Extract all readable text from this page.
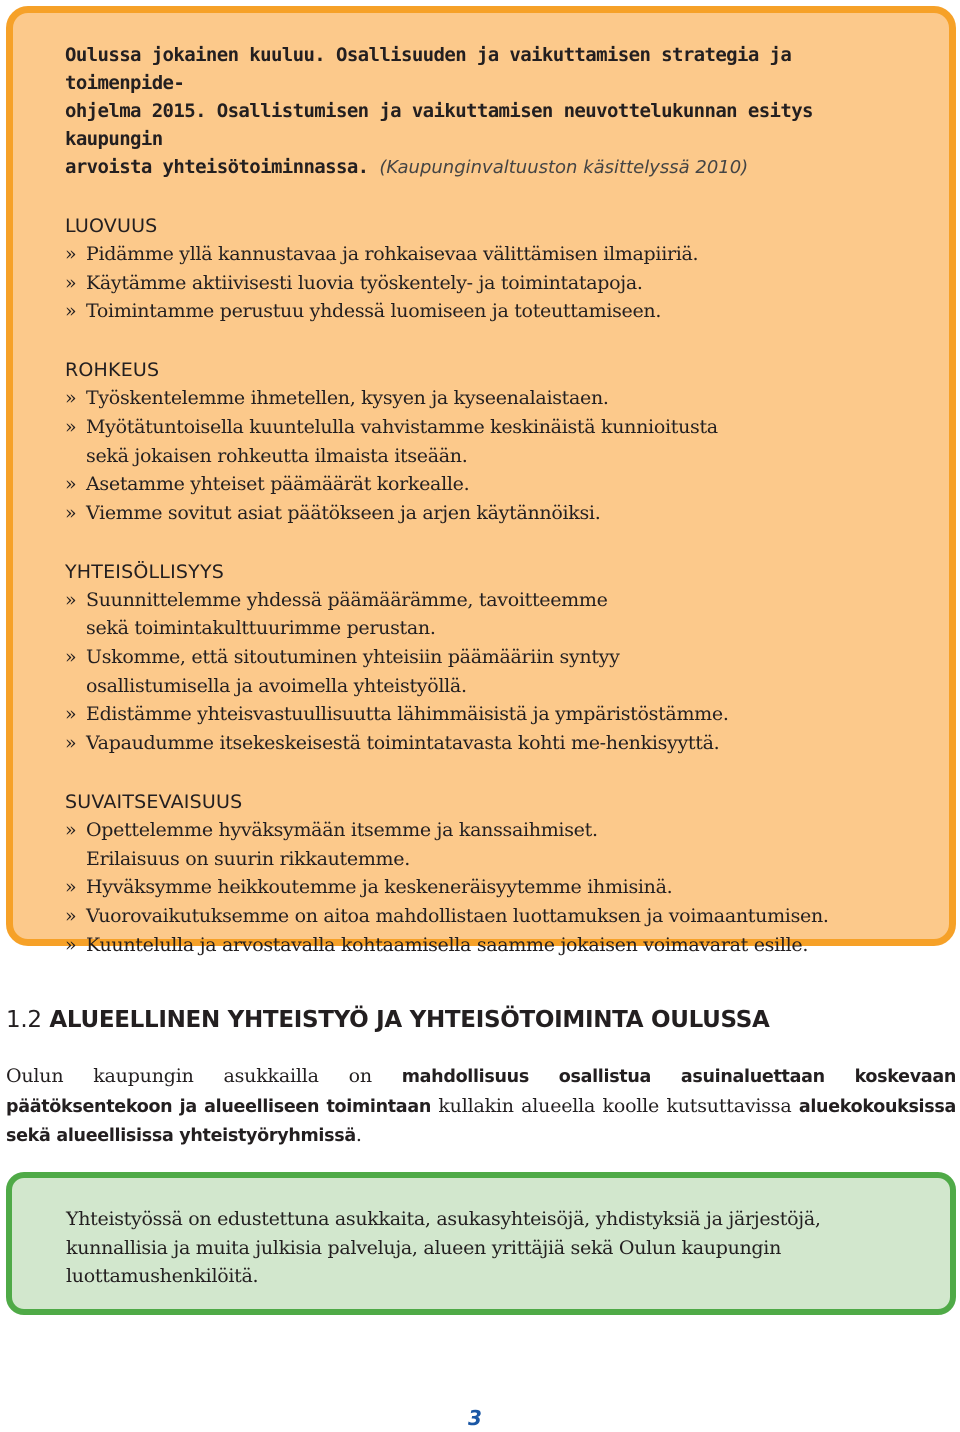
Oulussa jokainen kuuluu. Osallisuuden ja vaikuttamisen strategia ja toimenpide-
ohjelma 2015. Osallistumisen ja vaikuttamisen neuvottelukunnan esitys kaupungin
arvoista yhteisötoiminnassa. (Kaupunginvaltuuston käsittelyssä 2010)
LUOVUUS
» Pidämme yllä kannustavaa ja rohkaisevaa välittämisen ilmapiiriä.
» Käytämme aktiivisesti luovia työskentely- ja toimintatapoja.
» Toimintamme perustuu yhdessä luomiseen ja toteuttamiseen.
ROHKEUS
» Työskentelemme ihmetellen, kysyen ja kyseenalaistaen.
» Myötätuntoisella kuuntelulla vahvistamme keskinäistä kunnioitusta
sekä jokaisen rohkeutta ilmaista itseään.
» Asetamme yhteiset päämäärät korkealle.
» Viemme sovitut asiat päätökseen ja arjen käytännöiksi.
YHTEISÖLLISYYS
» Suunnittelemme yhdessä päämäärämme, tavoitteemme
sekä toimintakulttuurimme perustan.
» Uskomme, että sitoutuminen yhteisiin päämääriin syntyy
osallistumisella ja avoimella yhteistyöllä.
» Edistämme yhteisvastuullisuutta lähimmäisistä ja ympäristöstämme.
» Vapaudumme itsekeskeisestä toimintatavasta kohti me-henkisyyttä.
SUVAITSEVAISUUS
» Opettelemme hyväksymään itsemme ja kanssaihmiset.
Erilaisuus on suurin rikkautemme.
» Hyväksymme heikkoutemme ja keskeneräisyytemme ihmisinä.
» Vuorovaikutuksemme on aitoa mahdollistaen luottamuksen ja voimaantumisen.
» Kuuntelulla ja arvostavalla kohtaamisella saamme jokaisen voimavarat esille.
1.2 ALUEELLINEN YHTEISTYÖ JA YHTEISÖTOIMINTA OULUSSA

Oulun kaupungin asukkailla on mahdollisuus osallistua asuinaluettaan koskevaan päätöksentekoon ja alueelliseen toimintaan kullakin alueella koolle kutsuttavissa aluekokouksissa sekä alueellisissa yhteistyöryhmissä.

Yhteistyössä on edustettuna asukkaita, asukasyhteisöjä, yhdistyksiä ja järjestöjä,
kunnallisia ja muita julkisia palveluja, alueen yrittäjiä sekä Oulun kaupungin
luottamushenkilöitä.
3
